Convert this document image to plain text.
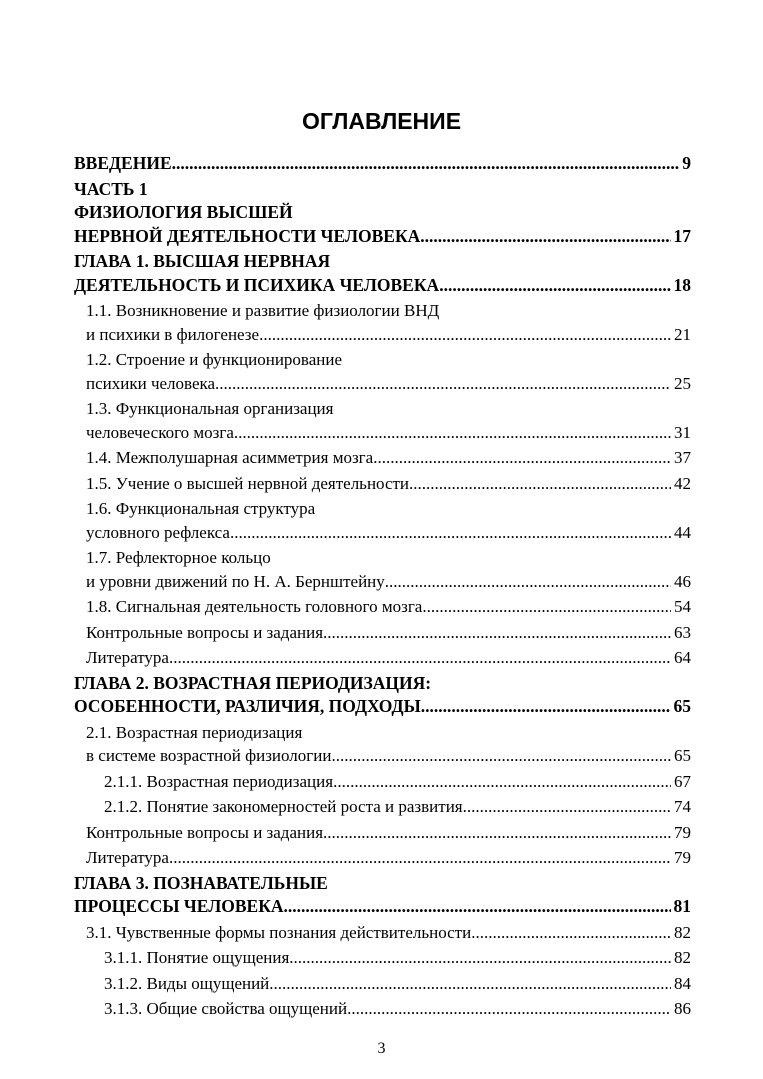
ОГЛАВЛЕНИЕ
ВВЕДЕНИЕ .....	9
ЧАСТЬ 1
ФИЗИОЛОГИЯ ВЫСШЕЙ
НЕРВНОЙ ДЕЯТЕЛЬНОСТИ ЧЕЛОВЕКА .....	17
ГЛАВА 1. ВЫСШАЯ НЕРВНАЯ
ДЕЯТЕЛЬНОСТЬ И ПСИХИКА ЧЕЛОВЕКА .....	18
1.1. Возникновение и развитие физиологии ВНД
и психики в филогенезе .....	21
1.2. Строение и функционирование
психики человека .....	25
1.3. Функциональная организация
человеческого мозга .....	31
1.4. Межполушарная асимметрия мозга .....	37
1.5. Учение о высшей нервной деятельности .....	42
1.6. Функциональная структура
условного рефлекса .....	44
1.7. Рефлекторное кольцо
и уровни движений по Н. А. Бернштейну .....	46
1.8. Сигнальная деятельность головного мозга .....	54
Контрольные вопросы и задания .....	63
Литература .....	64
ГЛАВА 2. ВОЗРАСТНАЯ ПЕРИОДИЗАЦИЯ:
ОСОБЕННОСТИ, РАЗЛИЧИЯ, ПОДХОДЫ .....	65
2.1. Возрастная периодизация
в системе возрастной физиологии .....	65
2.1.1. Возрастная периодизация .....	67
2.1.2. Понятие закономерностей роста и развития .....	74
Контрольные вопросы и задания .....	79
Литература .....	79
ГЛАВА 3. ПОЗНАВАТЕЛЬНЫЕ
ПРОЦЕССЫ ЧЕЛОВЕКА .....	81
3.1. Чувственные формы познания действительности .....	82
3.1.1. Понятие ощущения .....	82
3.1.2. Виды ощущений .....	84
3.1.3. Общие свойства ощущений .....	86
3
